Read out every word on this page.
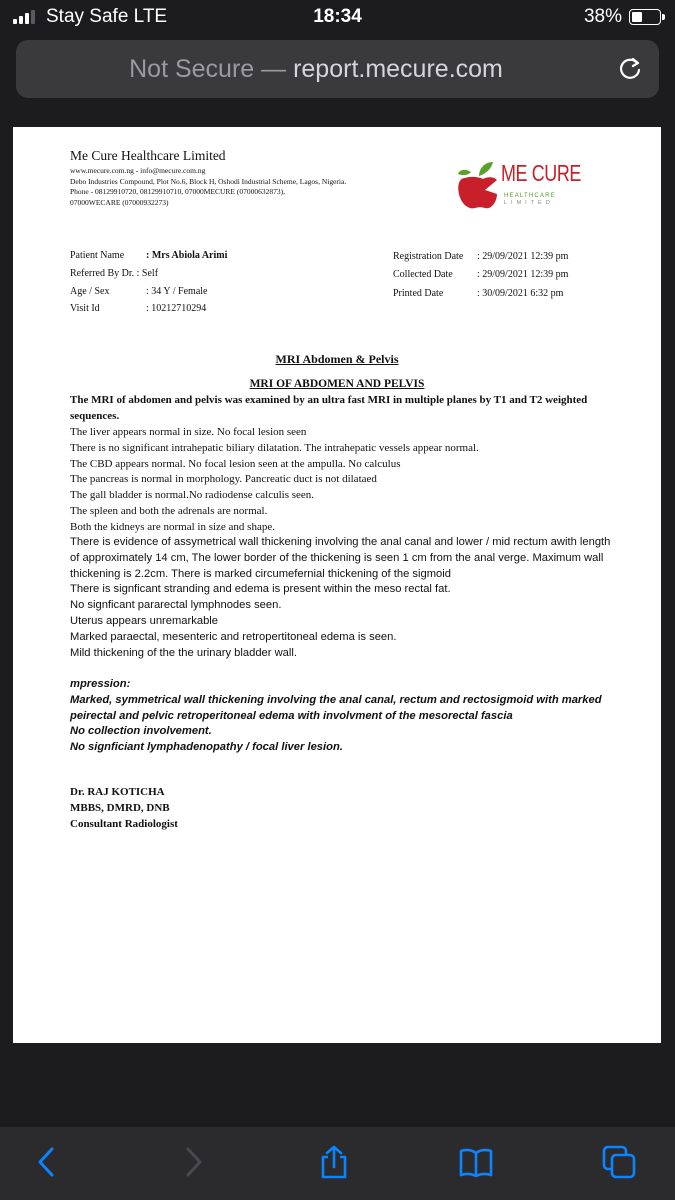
Stay Safe LTE	18:34	38%
Not Secure — report.mecure.com
Me Cure Healthcare Limited
www.mecure.com.ng - info@mecure.com.ng
Debo Industries Compound, Plot No.6, Block H, Oshodi Industrial Scheme, Lagos, Nigeria.
Phone - 08129910720, 08129910710, 07000MECURE (07000632873),
07000WECARE (07000932273)
ME CURE
HEALTHCARE
LIMITED
Patient Name : Mrs Abiola Arimi
Referred By Dr. : Self
Age / Sex	: 34 Y / Female
Visit Id	: 10212710294
Registration Date : 29/09/2021 12:39 pm
Collected Date : 29/09/2021 12:39 pm
Printed Date	: 30/09/2021 6:32 pm
MRI Abdomen & Pelvis
MRI OF ABDOMEN AND PELVIS
The MRI of abdomen and pelvis was examined by an ultra fast MRI in multiple planes by T1 and T2 weighted sequences.
The liver appears normal in size. No focal lesion seen
There is no significant intrahepatic biliary dilatation. The intrahepatic vessels appear normal.
The CBD appears normal. No focal lesion seen at the ampulla. No calculus
The pancreas is normal in morphology. Pancreatic duct is not dilataed
The gall bladder is normal.No radiodense calculis seen.
The spleen and both the adrenals are normal.
Both the kidneys are normal in size and shape.
There is evidence of assymetrical wall thickening involving the anal canal and lower / mid rectum awith length of approximately 14 cm, The lower border of the thickening is seen 1 cm from the anal verge. Maximum wall thickening is 2.2cm. There is marked circumefernial thickening of the sigmoid
There is signficant stranding and edema is present within the meso rectal fat.
No signficant pararectal lymphnodes seen.
Uterus appears unremarkable
Marked paraectal, mesenteric and retropertitoneal edema is seen.
Mild thickening of the the urinary bladder wall.
mpression:
Marked, symmetrical wall thickening involving the anal canal, rectum and rectosigmoid with marked peirectal and pelvic retroperitoneal edema with involvment of the mesorectal fascia
No collection involvement.
No signficiant lymphadenopathy / focal liver lesion.
Dr. RAJ KOTICHA
MBBS, DMRD, DNB
Consultant Radiologist
